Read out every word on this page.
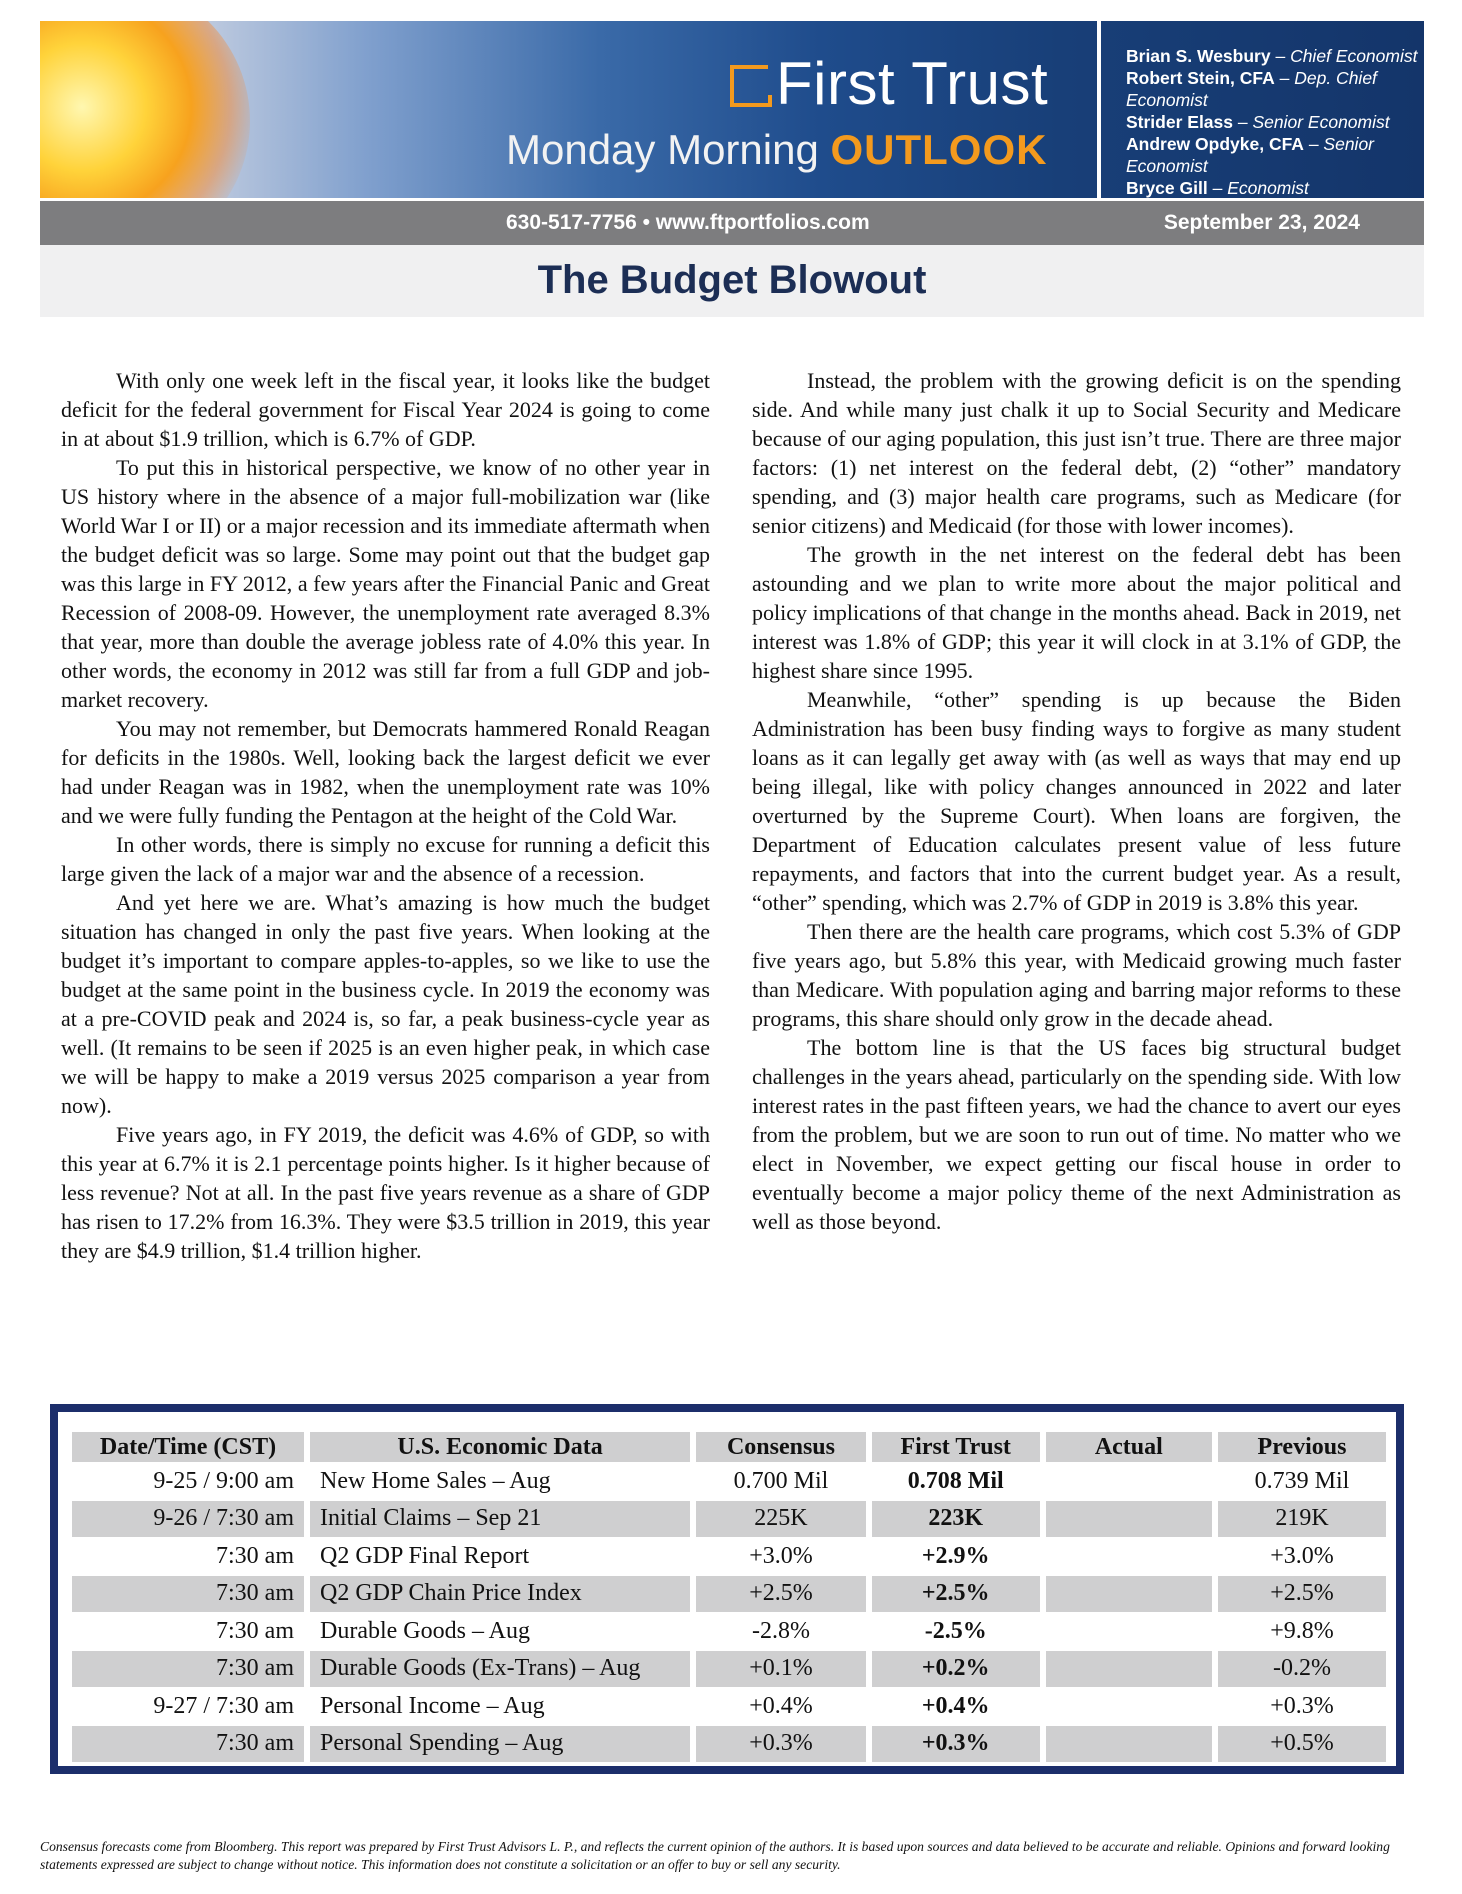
First Trust
Monday Morning OUTLOOK
Brian S. Wesbury – Chief Economist
Robert Stein, CFA – Dep. Chief Economist
Strider Elass – Senior Economist
Andrew Opdyke, CFA – Senior Economist
Bryce Gill – Economist
630-517-7756 • www.ftportfolios.com	September 23, 2024
The Budget Blowout

With only one week left in the fiscal year, it looks like the budget deficit for the federal government for Fiscal Year 2024 is going to come in at about $1.9 trillion, which is 6.7% of GDP.

To put this in historical perspective, we know of no other year in US history where in the absence of a major full-mobilization war (like World War I or II) or a major recession and its immediate aftermath when the budget deficit was so large. Some may point out that the budget gap was this large in FY 2012, a few years after the Financial Panic and Great Recession of 2008-09. However, the unemployment rate averaged 8.3% that year, more than double the average jobless rate of 4.0% this year. In other words, the economy in 2012 was still far from a full GDP and job-market recovery.

You may not remember, but Democrats hammered Ronald Reagan for deficits in the 1980s. Well, looking back the largest deficit we ever had under Reagan was in 1982, when the unemployment rate was 10% and we were fully funding the Pentagon at the height of the Cold War.

In other words, there is simply no excuse for running a deficit this large given the lack of a major war and the absence of a recession.

And yet here we are. What’s amazing is how much the budget situation has changed in only the past five years. When looking at the budget it’s important to compare apples-to-apples, so we like to use the budget at the same point in the business cycle. In 2019 the economy was at a pre-COVID peak and 2024 is, so far, a peak business-cycle year as well. (It remains to be seen if 2025 is an even higher peak, in which case we will be happy to make a 2019 versus 2025 comparison a year from now).

Five years ago, in FY 2019, the deficit was 4.6% of GDP, so with this year at 6.7% it is 2.1 percentage points higher. Is it higher because of less revenue? Not at all. In the past five years revenue as a share of GDP has risen to 17.2% from 16.3%. They were $3.5 trillion in 2019, this year they are $4.9 trillion, $1.4 trillion higher.

Instead, the problem with the growing deficit is on the spending side. And while many just chalk it up to Social Security and Medicare because of our aging population, this just isn’t true. There are three major factors: (1) net interest on the federal debt, (2) “other” mandatory spending, and (3) major health care programs, such as Medicare (for senior citizens) and Medicaid (for those with lower incomes).

The growth in the net interest on the federal debt has been astounding and we plan to write more about the major political and policy implications of that change in the months ahead. Back in 2019, net interest was 1.8% of GDP; this year it will clock in at 3.1% of GDP, the highest share since 1995.

Meanwhile, “other” spending is up because the Biden Administration has been busy finding ways to forgive as many student loans as it can legally get away with (as well as ways that may end up being illegal, like with policy changes announced in 2022 and later overturned by the Supreme Court). When loans are forgiven, the Department of Education calculates present value of less future repayments, and factors that into the current budget year. As a result, “other” spending, which was 2.7% of GDP in 2019 is 3.8% this year.

Then there are the health care programs, which cost 5.3% of GDP five years ago, but 5.8% this year, with Medicaid growing much faster than Medicare. With population aging and barring major reforms to these programs, this share should only grow in the decade ahead.

The bottom line is that the US faces big structural budget challenges in the years ahead, particularly on the spending side. With low interest rates in the past fifteen years, we had the chance to avert our eyes from the problem, but we are soon to run out of time. No matter who we elect in November, we expect getting our fiscal house in order to eventually become a major policy theme of the next Administration as well as those beyond.

Date/Time (CST)	U.S. Economic Data	Consensus	First Trust	Actual	Previous
9-25 / 9:00 am	New Home Sales – Aug	0.700 Mil	0.708 Mil		0.739 Mil
9-26 / 7:30 am	Initial Claims – Sep 21	225K	223K		219K
7:30 am	Q2 GDP Final Report	+3.0%	+2.9%		+3.0%
7:30 am	Q2 GDP Chain Price Index	+2.5%	+2.5%		+2.5%
7:30 am	Durable Goods – Aug	-2.8%	-2.5%		+9.8%
7:30 am	Durable Goods (Ex-Trans) – Aug	+0.1%	+0.2%		-0.2%
9-27 / 7:30 am	Personal Income – Aug	+0.4%	+0.4%		+0.3%
7:30 am	Personal Spending – Aug	+0.3%	+0.3%		+0.5%
Consensus forecasts come from Bloomberg. This report was prepared by First Trust Advisors L. P., and reflects the current opinion of the authors. It is based upon sources and data believed to be accurate and reliable. Opinions and forward looking statements expressed are subject to change without notice. This information does not constitute a solicitation or an offer to buy or sell any security.
